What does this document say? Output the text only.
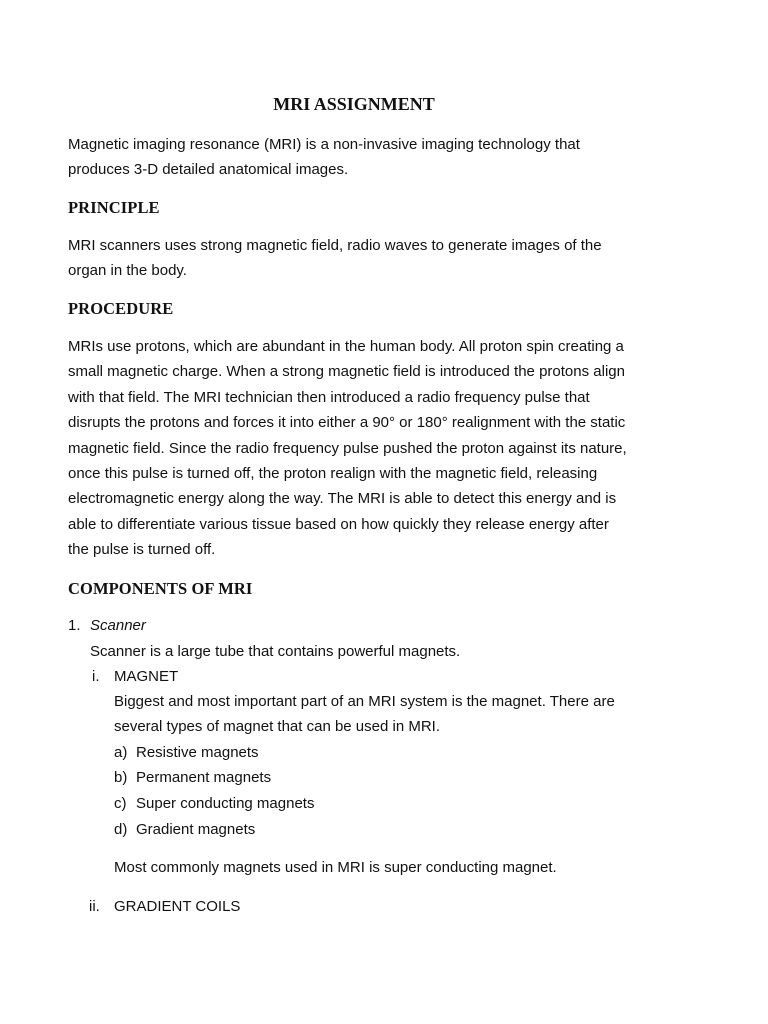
MRI ASSIGNMENT
Magnetic imaging resonance (MRI) is a non-invasive imaging technology that
produces 3-D detailed anatomical images.
PRINCIPLE
MRI scanners uses strong magnetic field, radio waves to generate images of the
organ in the body.
PROCEDURE
MRIs use protons, which are abundant in the human body. All proton spin creating a
small magnetic charge. When a strong magnetic field is introduced the protons align
with that field. The MRI technician then introduced a radio frequency pulse that
disrupts the protons and forces it into either a 90° or 180° realignment with the static
magnetic field. Since the radio frequency pulse pushed the proton against its nature,
once this pulse is turned off, the proton realign with the magnetic field, releasing
electromagnetic energy along the way. The MRI is able to detect this energy and is
able to differentiate various tissue based on how quickly they release energy after
the pulse is turned off.
COMPONENTS OF MRI
1. Scanner

Scanner is a large tube that contains powerful magnets.

i. MAGNET

Biggest and most important part of an MRI system is the magnet. There are

several types of magnet that can be used in MRI.

a) Resistive magnets
b) Permanent magnets
c) Super conducting magnets
d) Gradient magnets

Most commonly magnets used in MRI is super conducting magnet.

ii. GRADIENT COILS
